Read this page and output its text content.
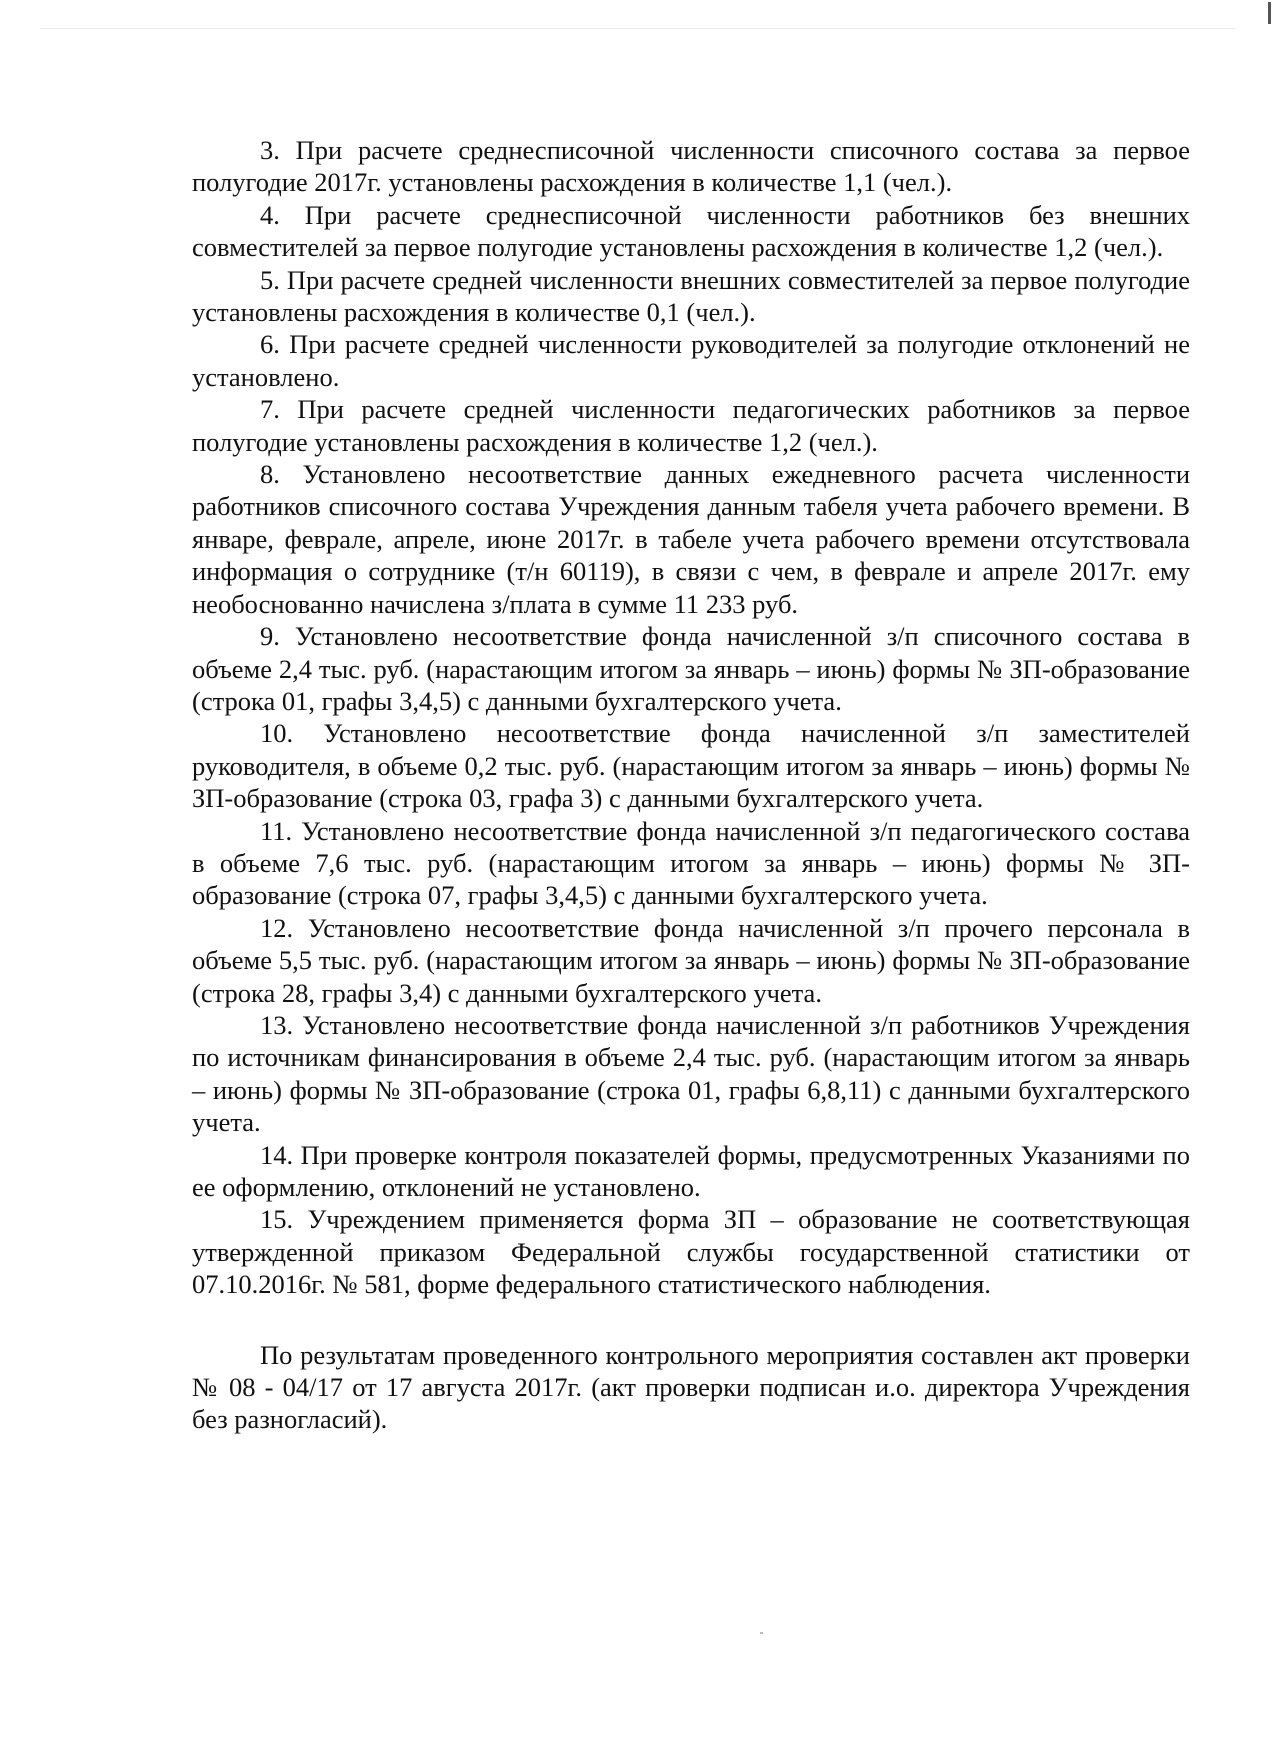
3. При расчете среднесписочной численности списочного состава за первое полугодие 2017г. установлены расхождения в количестве 1,1 (чел.).

4. При расчете среднесписочной численности работников без внешних совместителей за первое полугодие установлены расхождения в количестве 1,2 (чел.).

5. При расчете средней численности внешних совместителей за первое полугодие установлены расхождения в количестве 0,1 (чел.).

6. При расчете средней численности руководителей за полугодие отклонений не установлено.

7. При расчете средней численности педагогических работников за первое полугодие установлены расхождения в количестве 1,2 (чел.).

8. Установлено несоответствие данных ежедневного расчета численности работников списочного состава Учреждения данным табеля учета рабочего времени. В январе, феврале, апреле, июне 2017г. в табеле учета рабочего времени отсутствовала информация о сотруднике (т/н 60119), в связи с чем, в феврале и апреле 2017г. ему необоснованно начислена з/плата в сумме 11 233 руб.

9. Установлено несоответствие фонда начисленной з/п списочного состава в объеме 2,4 тыс. руб. (нарастающим итогом за январь – июнь) формы № ЗП-образование (строка 01, графы 3,4,5) с данными бухгалтерского учета.

10. Установлено несоответствие фонда начисленной з/п заместителей руководителя, в объеме 0,2 тыс. руб. (нарастающим итогом за январь – июнь) формы № ЗП-образование (строка 03, графа 3) с данными бухгалтерского учета.

11. Установлено несоответствие фонда начисленной з/п педагогического состава в объеме 7,6 тыс. руб. (нарастающим итогом за январь – июнь) формы № ЗП-образование (строка 07, графы 3,4,5) с данными бухгалтерского учета.

12. Установлено несоответствие фонда начисленной з/п прочего персонала в объеме 5,5 тыс. руб. (нарастающим итогом за январь – июнь) формы № ЗП-образование (строка 28, графы 3,4) с данными бухгалтерского учета.

13. Установлено несоответствие фонда начисленной з/п работников Учреждения по источникам финансирования в объеме 2,4 тыс. руб. (нарастающим итогом за январь – июнь) формы № ЗП-образование (строка 01, графы 6,8,11) с данными бухгалтерского учета.

14. При проверке контроля показателей формы, предусмотренных Указаниями по ее оформлению, отклонений не установлено.

15. Учреждением применяется форма ЗП – образование не соответствующая утвержденной приказом Федеральной службы государственной статистики от 07.10.2016г. № 581, форме федерального статистического наблюдения.

По результатам проведенного контрольного мероприятия составлен акт проверки № 08 - 04/17 от 17 августа 2017г. (акт проверки подписан и.о. директора Учреждения без разногласий).
